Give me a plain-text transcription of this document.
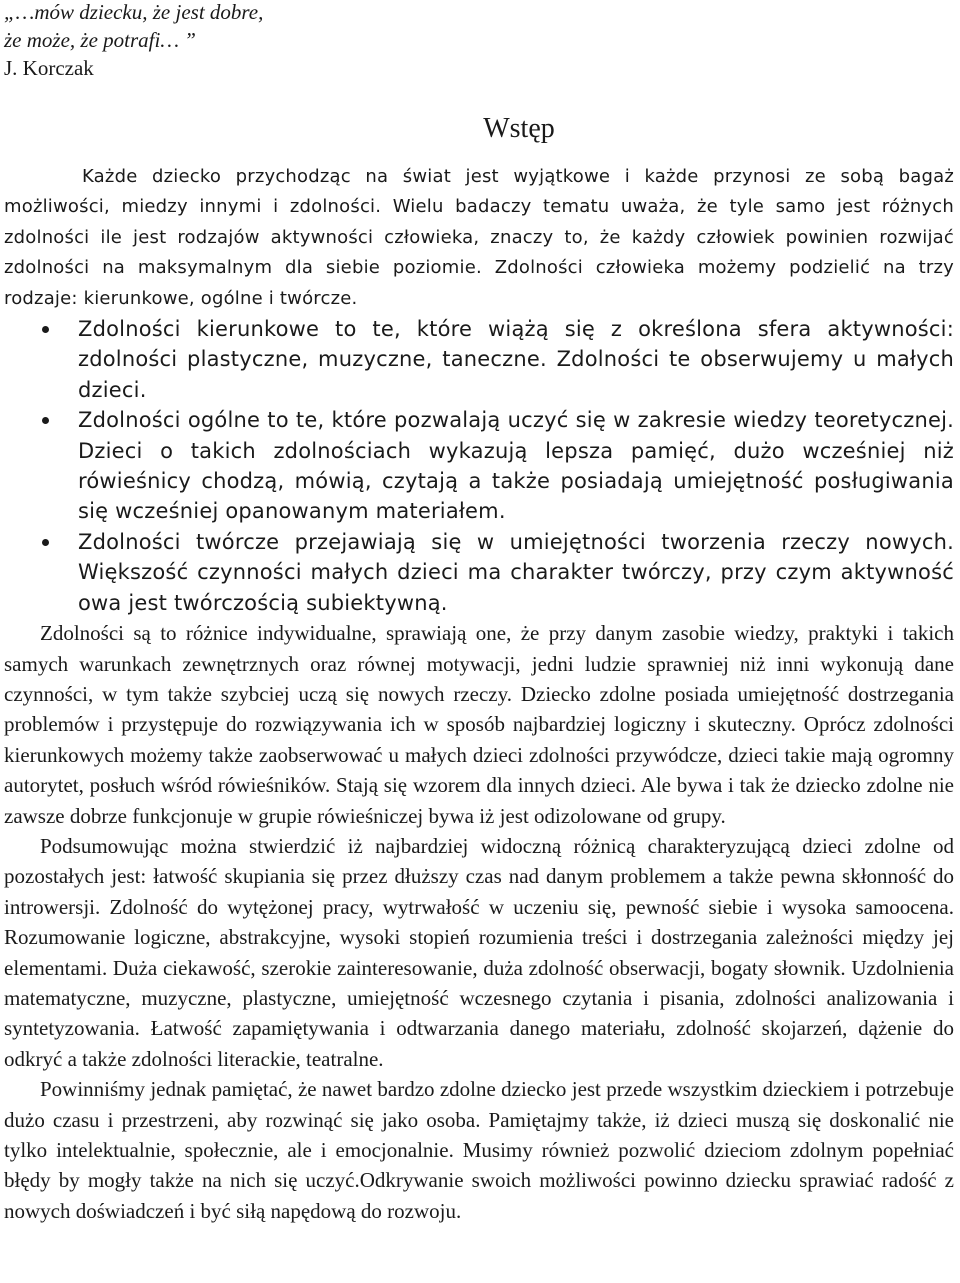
„…mów dziecku, że jest dobre,
że może, że potrafi… ”
J. Korczak
Wstęp

Każde dziecko przychodząc na świat jest wyjątkowe i każde przynosi ze sobą bagaż możliwości, miedzy innymi i zdolności. Wielu badaczy tematu uważa, że tyle samo jest różnych zdolności ile jest rodzajów aktywności człowieka, znaczy to, że każdy człowiek powinien rozwijać zdolności na maksymalnym dla siebie poziomie. Zdolności człowieka możemy podzielić na trzy rodzaje: kierunkowe, ogólne i twórcze.

Zdolności kierunkowe to te, które wiążą się z określona sfera aktywności: zdolności plastyczne, muzyczne, taneczne. Zdolności te obserwujemy u małych dzieci.
Zdolności ogólne to te, które pozwalają uczyć się w zakresie wiedzy teoretycznej. Dzieci o takich zdolnościach wykazują lepsza pamięć, dużo wcześniej niż rówieśnicy chodzą, mówią, czytają a także posiadają umiejętność posługiwania się wcześniej opanowanym materiałem.
Zdolności twórcze przejawiają się w umiejętności tworzenia rzeczy nowych. Większość czynności małych dzieci ma charakter twórczy, przy czym aktywność owa jest twórczością subiektywną.

Zdolności są to różnice indywidualne, sprawiają one, że przy danym zasobie wiedzy, praktyki i takich samych warunkach zewnętrznych oraz równej motywacji, jedni ludzie sprawniej niż inni wykonują dane czynności, w tym także szybciej uczą się nowych rzeczy. Dziecko zdolne posiada umiejętność dostrzegania problemów i przystępuje do rozwiązywania ich w sposób najbardziej logiczny i skuteczny. Oprócz zdolności kierunkowych możemy także zaobserwować u małych dzieci zdolności przywódcze, dzieci takie mają ogromny autorytet, posłuch wśród rówieśników. Stają się wzorem dla innych dzieci. Ale bywa i tak że dziecko zdolne nie zawsze dobrze funkcjonuje w grupie rówieśniczej bywa iż jest odizolowane od grupy.

Podsumowując można stwierdzić iż najbardziej widoczną różnicą charakteryzującą dzieci zdolne od pozostałych jest: łatwość skupiania się przez dłuższy czas nad danym problemem a także pewna skłonność do introwersji. Zdolność do wytężonej pracy, wytrwałość w uczeniu się, pewność siebie i wysoka samoocena. Rozumowanie logiczne, abstrakcyjne, wysoki stopień rozumienia treści i dostrzegania zależności między jej elementami. Duża ciekawość, szerokie zainteresowanie, duża zdolność obserwacji, bogaty słownik. Uzdolnienia matematyczne, muzyczne, plastyczne, umiejętność wczesnego czytania i pisania, zdolności analizowania i syntetyzowania. Łatwość zapamiętywania i odtwarzania danego materiału, zdolność skojarzeń, dążenie do odkryć a także zdolności literackie, teatralne.

Powinniśmy jednak pamiętać, że nawet bardzo zdolne dziecko jest przede wszystkim dzieckiem i potrzebuje dużo czasu i przestrzeni, aby rozwinąć się jako osoba. Pamiętajmy także, iż dzieci muszą się doskonalić nie tylko intelektualnie, społecznie, ale i emocjonalnie. Musimy również pozwolić dzieciom zdolnym popełniać błędy by mogły także na nich się uczyć.Odkrywanie swoich możliwości powinno dziecku sprawiać radość z nowych doświadczeń i być siłą napędową do rozwoju.
